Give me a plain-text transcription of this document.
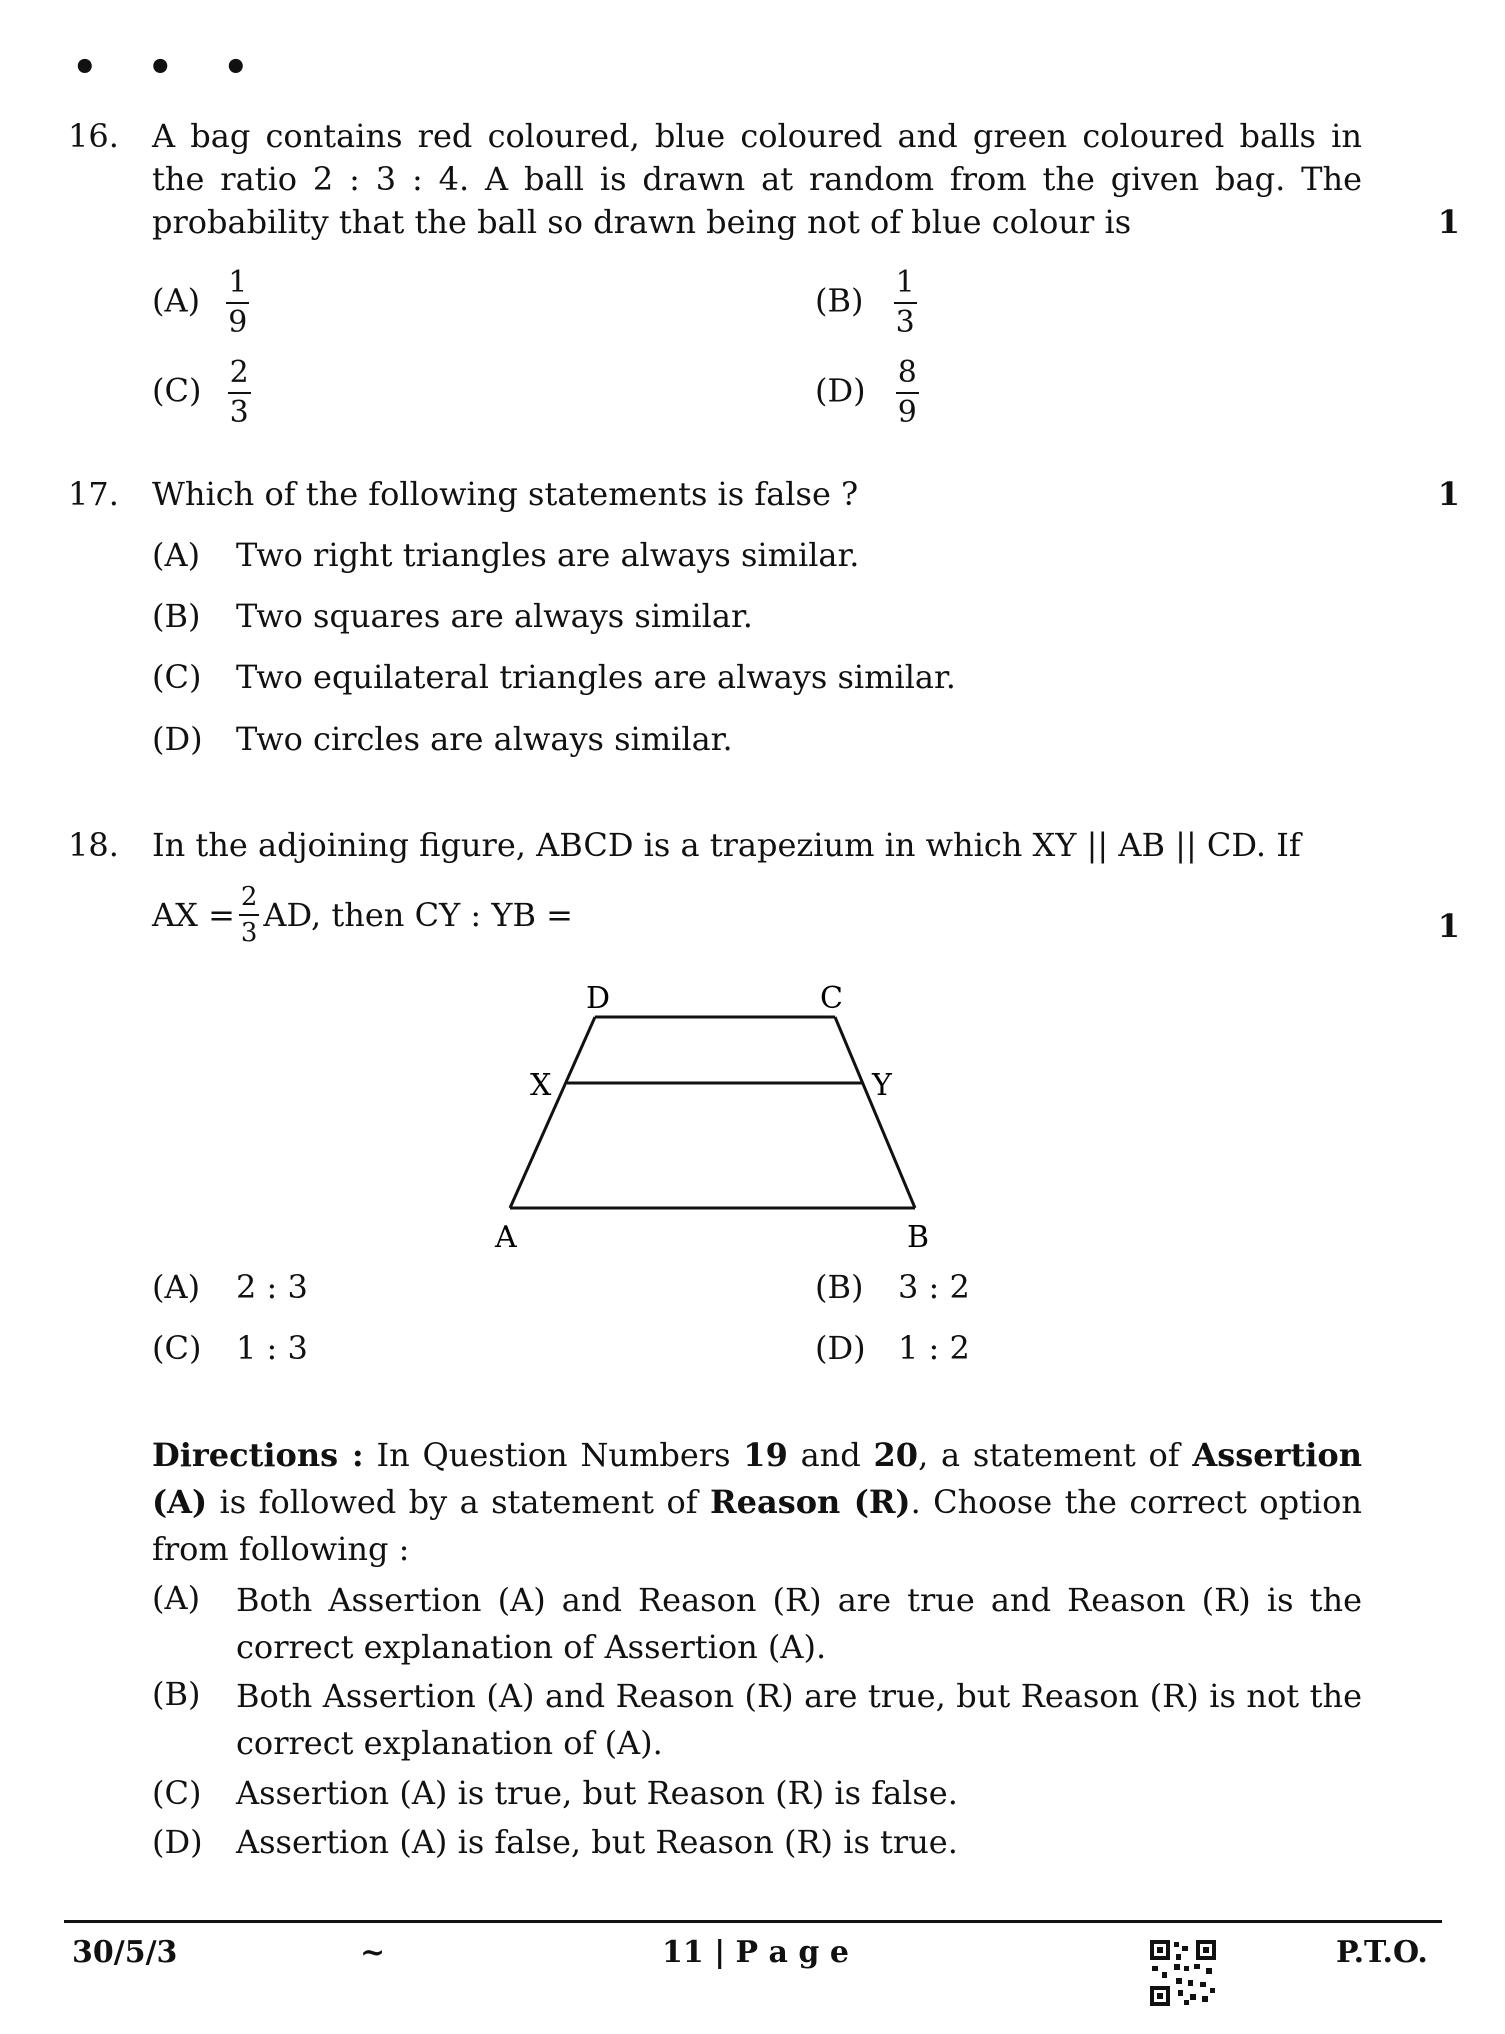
• • •
16. A bag contains red coloured, blue coloured and green coloured balls in the ratio 2 : 3 : 4. A ball is drawn at random from the given bag. The probability that the ball so drawn being not of blue colour is	1
$(A) \frac{1}{9}$	$(B) \frac{1}{3}$
$(C) \frac{2}{3}$	$(D) \frac{8}{9}$
17. Which of the following statements is false ?	1
(A) Two right triangles are always similar.
(B) Two squares are always similar.
(C) Two equilateral triangles are always similar.
(D) Two circles are always similar.
18. In the adjoining figure, ABCD is a trapezium in which XY || AB || CD. If
AX = $\frac{2}{3}$ AD, then CY : YB =	1
D	C
X	Y
A	B
(A) 2 : 3	(B) 3 : 2
(C) 1 : 3	(D) 1 : 2
Directions : In Question Numbers 19 and 20, a statement of Assertion (A) is followed by a statement of Reason (R). Choose the correct option from following :
(A) Both Assertion (A) and Reason (R) are true and Reason (R) is the correct explanation of Assertion (A).
(B) Both Assertion (A) and Reason (R) are true, but Reason (R) is not the correct explanation of (A).
(C) Assertion (A) is true, but Reason (R) is false.
(D) Assertion (A) is false, but Reason (R) is true.
30/5/3	~	11 | P a g e	P.T.O.
